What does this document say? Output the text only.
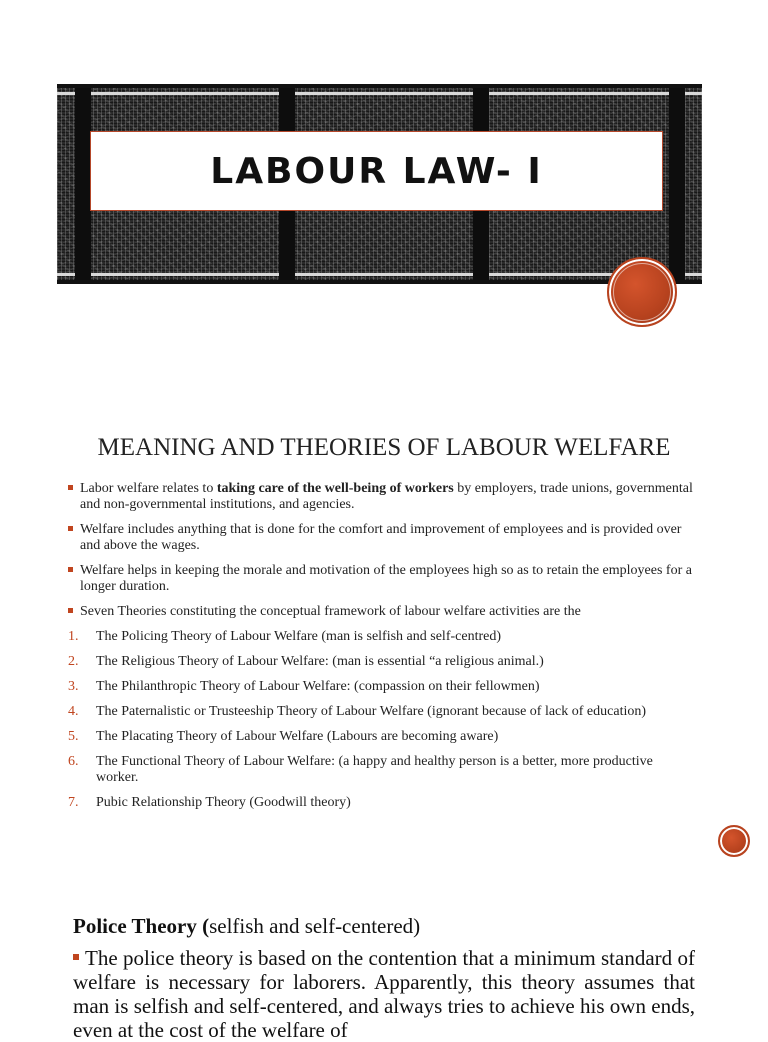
LABOUR LAW- I
MEANING AND THEORIES OF LABOUR WELFARE
Labor welfare relates to taking care of the well-being of workers by employers, trade unions, governmental and non-governmental institutions, and agencies.
Welfare includes anything that is done for the comfort and improvement of employees and is provided over and above the wages.
Welfare helps in keeping the morale and motivation of the employees high so as to retain the employees for a longer duration.
Seven Theories constituting the conceptual framework of labour welfare activities are the
1. The Policing Theory of Labour Welfare (man is selfish and self-centred)
2. The Religious Theory of Labour Welfare: (man is essential “a religious animal.)
3. The Philanthropic Theory of Labour Welfare: (compassion on their fellowmen)
4. The Paternalistic or Trusteeship Theory of Labour Welfare (ignorant because of lack of education)
5. The Placating Theory of Labour Welfare (Labours are becoming aware)
6. The Functional Theory of Labour Welfare: (a happy and healthy person is a better, more productive worker.
7. Pubic Relationship Theory (Goodwill theory)
Police Theory (selfish and self-centered)
The police theory is based on the contention that a minimum standard of welfare is necessary for laborers. Apparently, this theory assumes that man is selfish and self-centered, and always tries to achieve his own ends, even at the cost of the welfare of
